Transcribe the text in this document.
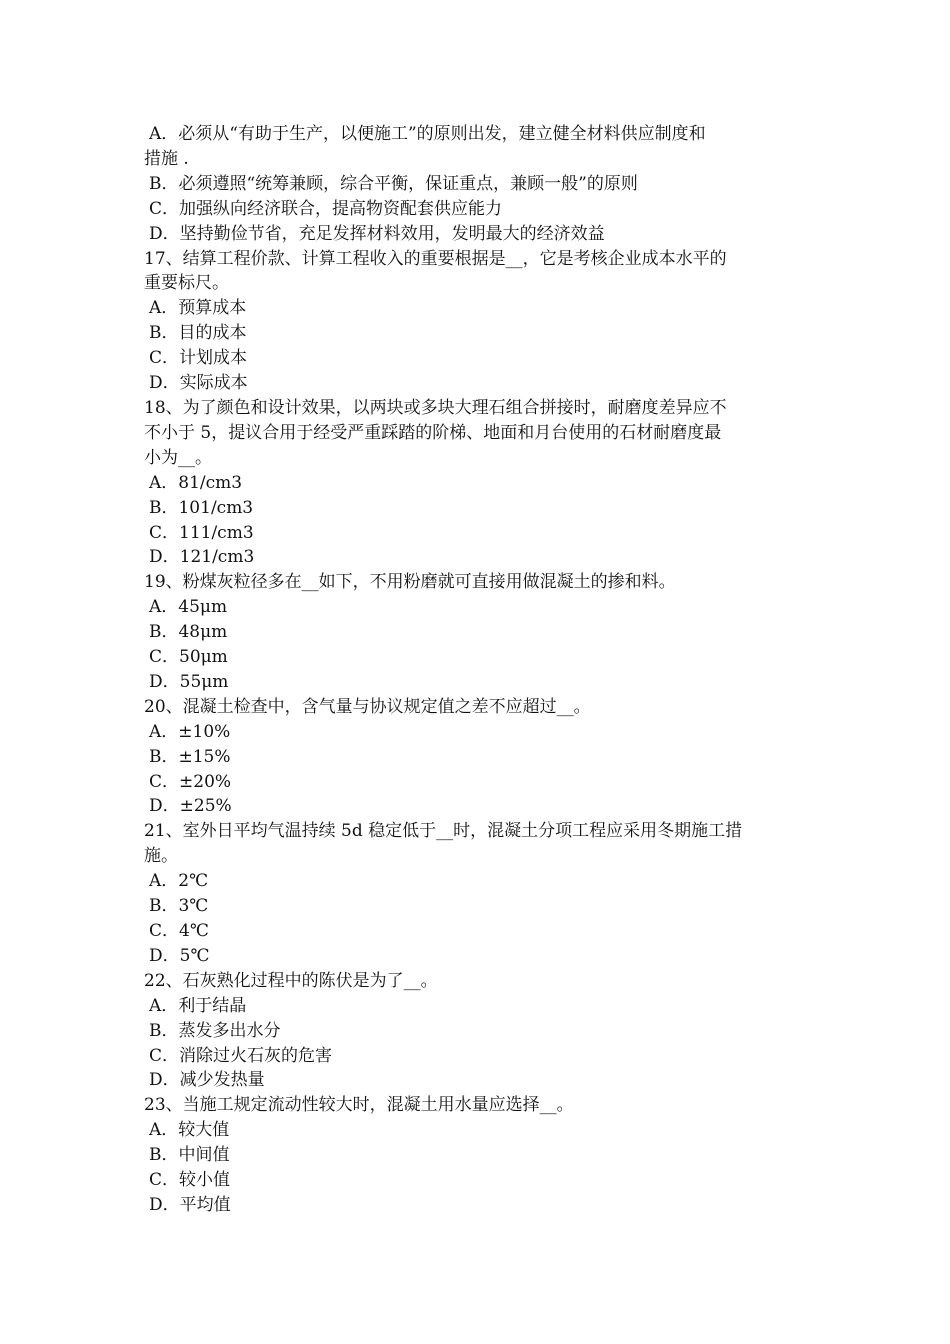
A．必须从“有助于生产，以便施工”的原则出发，建立健全材料供应制度和
措施 .
B．必须遵照“统筹兼顾，综合平衡，保证重点，兼顾一般”的原则
C．加强纵向经济联合，提高物资配套供应能力
D．坚持勤俭节省，充足发挥材料效用，发明最大的经济效益
17、结算工程价款、计算工程收入的重要根据是__，它是考核企业成本水平的
重要标尺。
A．预算成本
B．目的成本
C．计划成本
D．实际成本
18、为了颜色和设计效果，以两块或多块大理石组合拼接时，耐磨度差异应不
不小于 5，提议合用于经受严重踩踏的阶梯、地面和月台使用的石材耐磨度最
小为__。
A．81/cm3
B．101/cm3
C．111/cm3
D．121/cm3
19、粉煤灰粒径多在__如下，不用粉磨就可直接用做混凝土的掺和料。
A．45μm
B．48μm
C．50μm
D．55μm
20、混凝土检查中，含气量与协议规定值之差不应超过__。
A．±10%
B．±15%
C．±20%
D．±25%
21、室外日平均气温持续 5d 稳定低于__时，混凝土分项工程应采用冬期施工措
施。
A．2℃
B．3℃
C．4℃
D．5℃
22、石灰熟化过程中的陈伏是为了__。
A．利于结晶
B．蒸发多出水分
C．消除过火石灰的危害
D．减少发热量
23、当施工规定流动性较大时，混凝土用水量应选择__。
A．较大值
B．中间值
C．较小值
D．平均值
